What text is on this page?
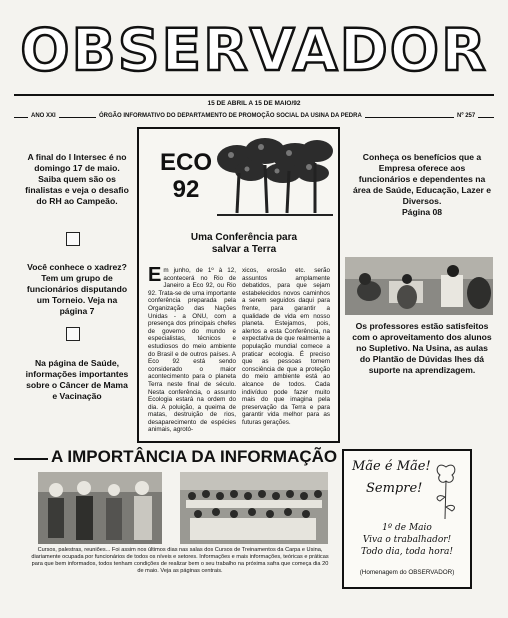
OBSERVADOR
15 DE ABRIL A 15 DE MAIO/92
ANO XXI	ÓRGÃO INFORMATIVO DO DEPARTAMENTO DE PROMOÇÃO SOCIAL DA USINA DA PEDRA	Nº 257
A final do I Intersec é no domingo 17 de maio. Saiba quem são os finalistas e veja o desafio do RH ao Campeão.
Você conhece o xadrez? Tem um grupo de funcionários disputando um Torneio. Veja na página 7
Na página de Saúde, informações importantes sobre o Câncer de Mama e Vacinação
ECO
92
Uma Conferência para salvar a Terra
Em junho, de 1º à 12, acontecerá no Rio de Janeiro a Eco 92, ou Rio 92. Trata-se de uma importante conferência preparada pela Organização das Nações Unidas - a ONU, com a presença dos principais chefes de governo do mundo e especialistas, técnicos e estudiosos do meio ambiente do Brasil e de outros países. A Eco 92 está sendo considerado o maior acontecimento para o planeta Terra neste final de século. Nesta conferência, o assunto Ecologia estará na ordem do dia. A poluição, a queima de matas, destruição de rios, desaparecimento de espécies animais, agrotó-
xicos, erosão etc. serão assuntos amplamente debatidos, para que sejam estabelecidos novos caminhos a serem seguidos daqui para frente, para garantir a qualidade de vida em nosso planeta. Estejamos, pois, alertos a esta Conferência, na expectativa de que realmente a população mundial comece a praticar ecologia. É preciso que as pessoas tomem consciência de que a proteção do meio ambiente está ao alcance de todos. Cada indivíduo pode fazer muito mais do que imagina pela preservação da Terra e para garantir vida melhor para as futuras gerações.
Conheça os benefícios que a Empresa oferece aos funcionários e dependentes na área de Saúde, Educação, Lazer e Diversos.
Página 08
Os professores estão satisfeitos com o aproveitamento dos alunos no Supletivo. Na Usina, as aulas do Plantão de Dúvidas lhes dá suporte na aprendizagem.
A IMPORTÂNCIA DA INFORMAÇÃO
Cursos, palestras, reuniões... Foi assim nos últimos dias nas salas dos Cursos de Treinamentos da Carpa e Usina, diariamente ocupada por funcionários de todos os níveis e setores. Informações e mais informações, teóricas e práticas para que bem informados, todos tenham condições de realizar bem o seu trabalho na próxima safra que começa dia 20 de maio. Veja as páginas centrais.
Mãe é Mãe!
Sempre!
1º de Maio
Viva o trabalhador!
Todo dia, toda hora!
(Homenagem do OBSERVADOR)
